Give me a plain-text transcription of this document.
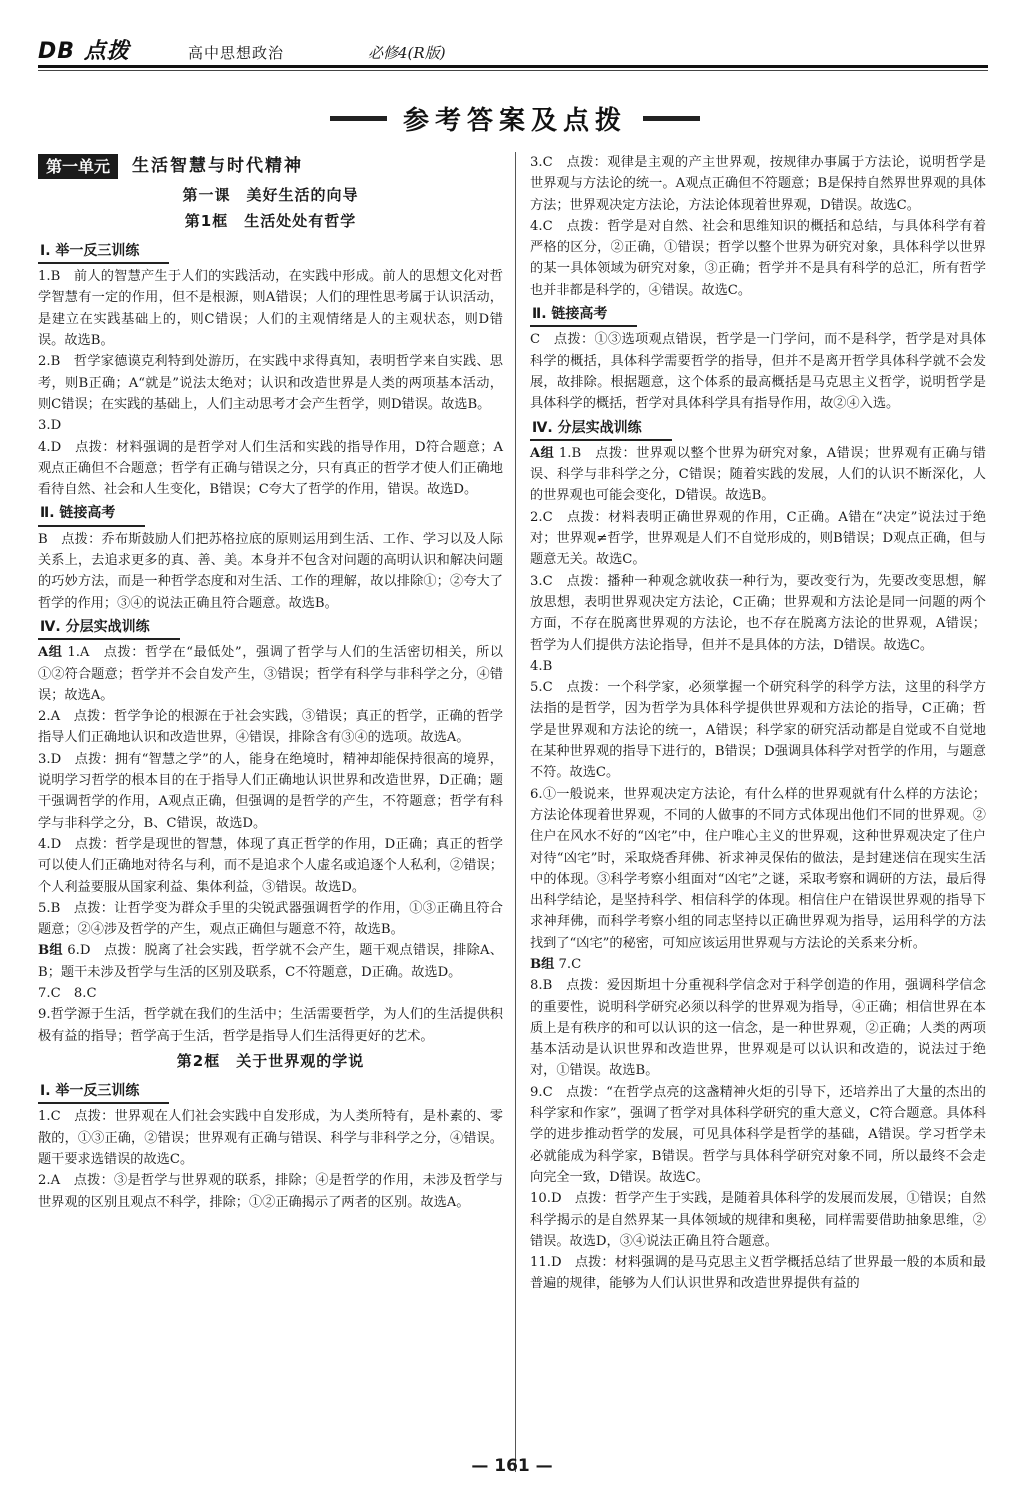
DB 点拨	高中思想政治	必修4(R版)
参考答案及点拨
第一单元	生活智慧与时代精神
第一课　美好生活的向导
第1框　生活处处有哲学
Ⅰ. 举一反三训练

1.B　前人的智慧产生于人们的实践活动，在实践中形成。前人的思想文化对哲学智慧有一定的作用，但不是根源，则A错误；人们的理性思考属于认识活动，是建立在实践基础上的，则C错误；人们的主观情绪是人的主观状态，则D错误。故选B。

2.B　哲学家德谟克利特到处游历，在实践中求得真知，表明哲学来自实践、思考，则B正确；A“就是”说法太绝对；认识和改造世界是人类的两项基本活动，则C错误；在实践的基础上，人们主动思考才会产生哲学，则D错误。故选B。

3.D

4.D　点拨：材料强调的是哲学对人们生活和实践的指导作用，D符合题意；A观点正确但不合题意；哲学有正确与错误之分，只有真正的哲学才使人们正确地看待自然、社会和人生变化，B错误；C夸大了哲学的作用，错误。故选D。

Ⅱ. 链接高考

B　点拨：乔布斯鼓励人们把苏格拉底的原则运用到生活、工作、学习以及人际关系上，去追求更多的真、善、美。本身并不包含对问题的高明认识和解决问题的巧妙方法，而是一种哲学态度和对生活、工作的理解，故以排除①；②夸大了哲学的作用；③④的说法正确且符合题意。故选B。

Ⅳ. 分层实战训练

A组 1.A　点拨：哲学在“最低处”，强调了哲学与人们的生活密切相关，所以①②符合题意；哲学并不会自发产生，③错误；哲学有科学与非科学之分，④错误；故选A。

2.A　点拨：哲学争论的根源在于社会实践，③错误；真正的哲学，正确的哲学指导人们正确地认识和改造世界，④错误，排除含有③④的选项。故选A。

3.D　点拨：拥有“智慧之学”的人，能身在绝境时，精神却能保持很高的境界，说明学习哲学的根本目的在于指导人们正确地认识世界和改造世界，D正确；题干强调哲学的作用，A观点正确，但强调的是哲学的产生，不符题意；哲学有科学与非科学之分，B、C错误，故选D。

4.D　点拨：哲学是现世的智慧，体现了真正哲学的作用，D正确；真正的哲学可以使人们正确地对待名与利，而不是追求个人虚名或追逐个人私利，②错误；个人利益要服从国家利益、集体利益，③错误。故选D。

5.B　点拨：让哲学变为群众手里的尖锐武器强调哲学的作用，①③正确且符合题意；②④涉及哲学的产生，观点正确但与题意不符，故选B。

B组 6.D　点拨：脱离了社会实践，哲学就不会产生，题干观点错误，排除A、B；题干未涉及哲学与生活的区别及联系，C不符题意，D正确。故选D。

7.C　8.C

9.哲学源于生活，哲学就在我们的生活中；生活需要哲学，为人们的生活提供积极有益的指导；哲学高于生活，哲学是指导人们生活得更好的艺术。

第2框　关于世界观的学说
Ⅰ. 举一反三训练

1.C　点拨：世界观在人们社会实践中自发形成，为人类所特有，是朴素的、零散的，①③正确，②错误；世界观有正确与错误、科学与非科学之分，④错误。题干要求选错误的故选C。

2.A　点拨：③是哲学与世界观的联系，排除；④是哲学的作用，未涉及哲学与世界观的区别且观点不科学，排除；①②正确揭示了两者的区别。故选A。

3.C　点拨：观律是主观的产主世界观，按规律办事属于方法论，说明哲学是世界观与方法论的统一。A观点正确但不符题意；B是保持自然界世界观的具体方法；世界观决定方法论，方法论体现着世界观，D错误。故选C。

4.C　点拨：哲学是对自然、社会和思维知识的概括和总结，与具体科学有着严格的区分，②正确，①错误；哲学以整个世界为研究对象，具体科学以世界的某一具体领域为研究对象，③正确；哲学并不是具有科学的总汇，所有哲学也并非都是科学的，④错误。故选C。

Ⅱ. 链接高考

C　点拨：①③选项观点错误，哲学是一门学问，而不是科学，哲学是对具体科学的概括，具体科学需要哲学的指导，但并不是离开哲学具体科学就不会发展，故排除。根据题意，这个体系的最高概括是马克思主义哲学，说明哲学是具体科学的概括，哲学对具体科学具有指导作用，故②④入选。

Ⅳ. 分层实战训练

A组 1.B　点拨：世界观以整个世界为研究对象，A错误；世界观有正确与错误、科学与非科学之分，C错误；随着实践的发展，人们的认识不断深化，人的世界观也可能会变化，D错误。故选B。

2.C　点拨：材料表明正确世界观的作用，C正确。A错在“决定”说法过于绝对；世界观≠哲学，世界观是人们不自觉形成的，则B错误；D观点正确，但与题意无关。故选C。

3.C　点拨：播种一种观念就收获一种行为，要改变行为，先要改变思想，解放思想，表明世界观决定方法论，C正确；世界观和方法论是同一问题的两个方面，不存在脱离世界观的方法论，也不存在脱离方法论的世界观，A错误；哲学为人们提供方法论指导，但并不是具体的方法，D错误。故选C。

4.B

5.C　点拨：一个科学家，必须掌握一个研究科学的科学方法，这里的科学方法指的是哲学，因为哲学为具体科学提供世界观和方法论的指导，C正确；哲学是世界观和方法论的统一，A错误；科学家的研究活动都是自觉或不自觉地在某种世界观的指导下进行的，B错误；D强调具体科学对哲学的作用，与题意不符。故选C。

6.①一般说来，世界观决定方法论，有什么样的世界观就有什么样的方法论；方法论体现着世界观，不同的人做事的不同方式体现出他们不同的世界观。②住户在风水不好的“凶宅”中，住户唯心主义的世界观，这种世界观决定了住户对待“凶宅”时，采取烧香拜佛、祈求神灵保佑的做法，是封建迷信在现实生活中的体现。③科学考察小组面对“凶宅”之谜，采取考察和调研的方法，最后得出科学结论，是坚持科学、相信科学的体现。相信住户在错误世界观的指导下求神拜佛，而科学考察小组的同志坚持以正确世界观为指导，运用科学的方法找到了“凶宅”的秘密，可知应该运用世界观与方法论的关系来分析。

B组 7.C

8.B　点拨：爱因斯坦十分重视科学信念对于科学创造的作用，强调科学信念的重要性，说明科学研究必须以科学的世界观为指导，④正确；相信世界在本质上是有秩序的和可以认识的这一信念，是一种世界观，②正确；人类的两项基本活动是认识世界和改造世界，世界观是可以认识和改造的，说法过于绝对，①错误。故选B。

9.C　点拨：“在哲学点亮的这盏精神火炬的引导下，还培养出了大量的杰出的科学家和作家”，强调了哲学对具体科学研究的重大意义，C符合题意。具体科学的进步推动哲学的发展，可见具体科学是哲学的基础，A错误。学习哲学未必就能成为科学家，B错误。哲学与具体科学研究对象不同，所以最终不会走向完全一致，D错误。故选C。

10.D　点拨：哲学产生于实践，是随着具体科学的发展而发展，①错误；自然科学揭示的是自然界某一具体领域的规律和奥秘，同样需要借助抽象思维，②错误。故选D，③④说法正确且符合题意。

11.D　点拨：材料强调的是马克思主义哲学概括总结了世界最一般的本质和最普遍的规律，能够为人们认识世界和改造世界提供有益的

— 161 —
